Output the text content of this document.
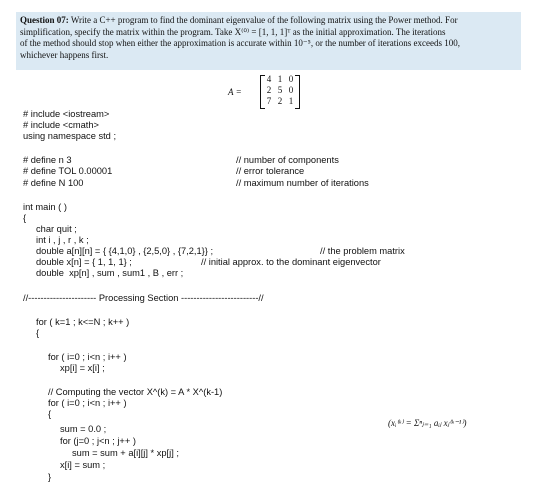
Question 07: Write a C++ program to find the dominant eigenvalue of the following matrix using the Power method. For
simplification, specify the matrix within the program. Take X⁽⁰⁾ = [1, 1, 1]ᵀ as the initial approximation. The iterations
of the method should stop when either the approximation is accurate within 10⁻⁵, or the number of iterations exceeds 100,
whichever happens first.
A =
4 1 0
2 5 0
7 2 1
# include <iostream>
# include <cmath>
using namespace std ;
# define n 3
# define TOL 0.00001
# define N 100
// number of components
// error tolerance
// maximum number of iterations
int main ( )
{
char quit ;
int i , j , r , k ;
double a[n][n] = { {4,1,0} , {2,5,0} , {7,2,1}} ;	// the problem matrix
double x[n] = { 1, 1, 1} ;	// initial approx. to the dominant eigenvector
double  xp[n] , sum , sum1 , B , err ;
//---------------------- Processing Section -------------------------//
for ( k=1 ; k<=N ; k++ )
{
for ( i=0 ; i<n ; i++ )
xp[i] = x[i] ;
// Computing the vector X^(k) = A * X^(k-1)
for ( i=0 ; i<n ; i++ )
{
sum = 0.0 ;
for (j=0 ; j<n ; j++ )
sum = sum + a[i][j] * xp[j] ;
x[i] = sum ;
}
(xᵢ⁽ᵏ⁾ = Σⁿⱼ₌₁ aᵢⱼ xⱼ⁽ᵏ⁻¹⁾)
